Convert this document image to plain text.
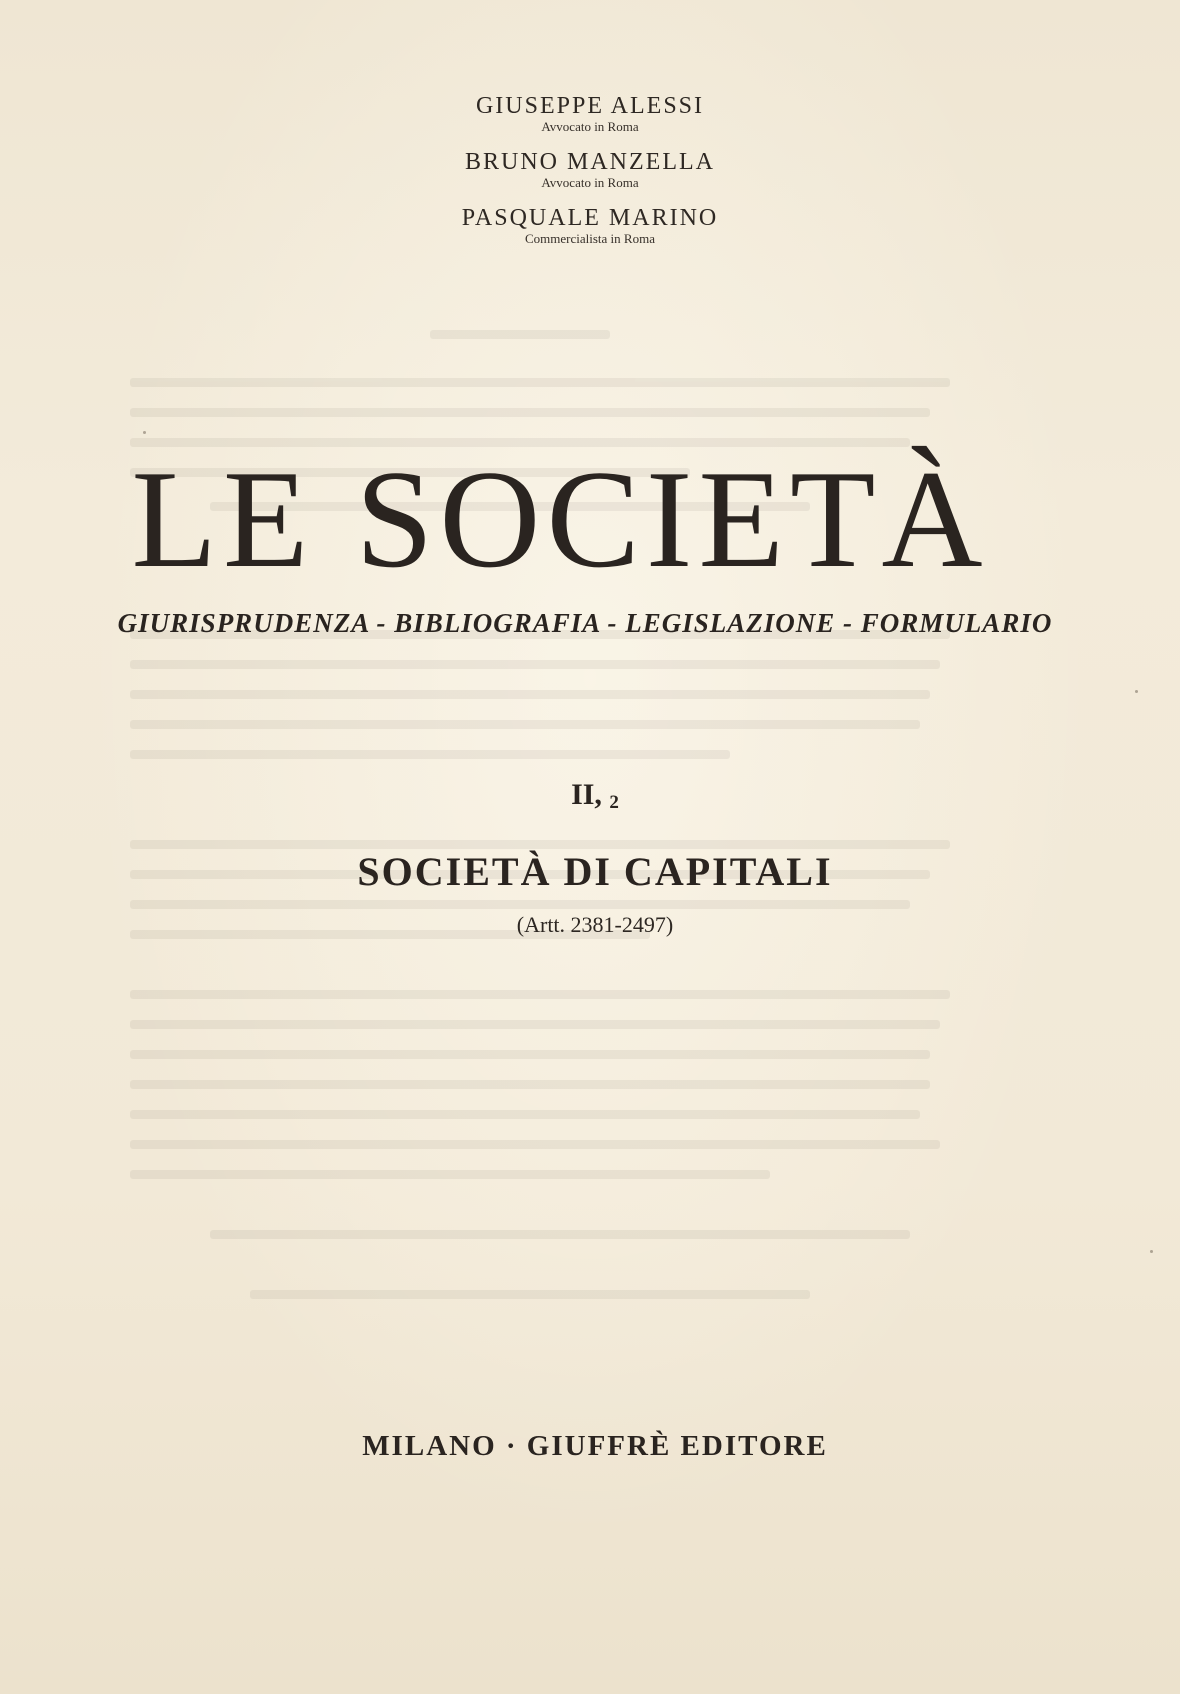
GIUSEPPE ALESSI
Avvocato in Roma
BRUNO MANZELLA
Avvocato in Roma
PASQUALE MARINO
Commercialista in Roma
LE SOCIETÀ
GIURISPRUDENZA - BIBLIOGRAFIA - LEGISLAZIONE - FORMULARIO
II, 2
SOCIETÀ DI CAPITALI
(Artt. 2381-2497)
MILANO · GIUFFRÈ EDITORE
